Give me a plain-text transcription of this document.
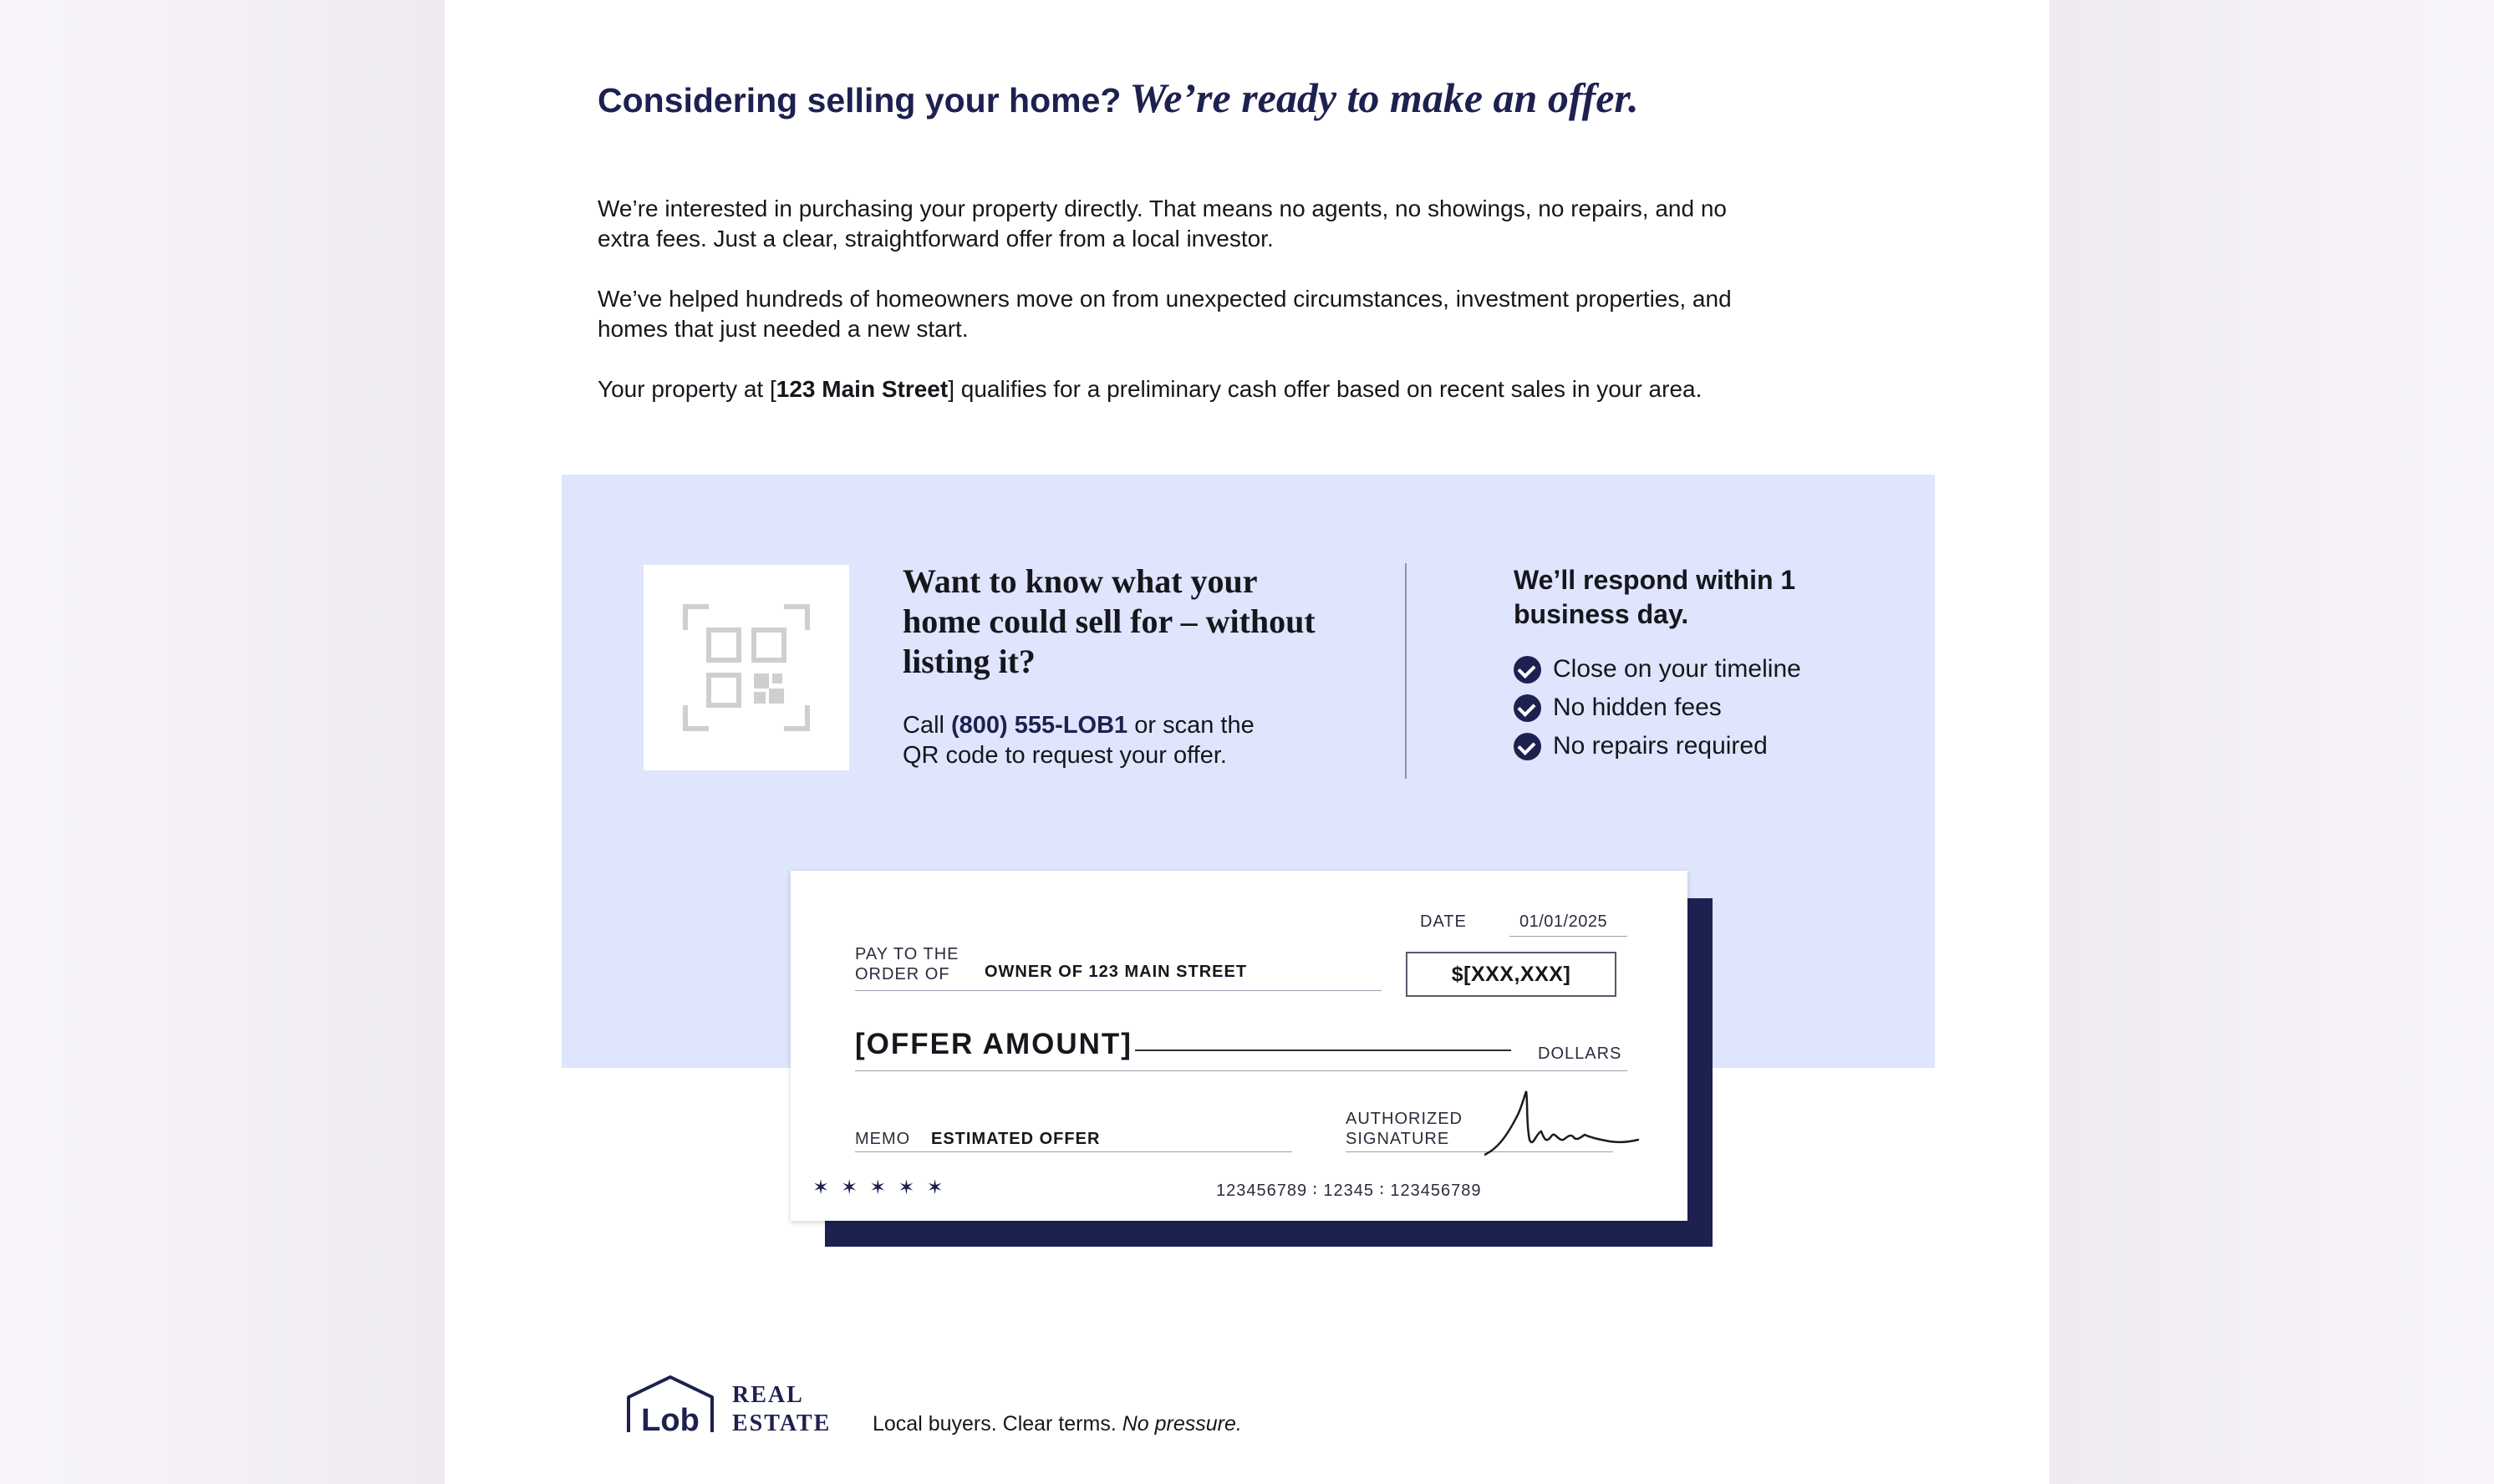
Considering selling your home? We’re ready to make an offer.

We’re interested in purchasing your property directly. That means no agents, no showings, no repairs, and no extra fees. Just a clear, straightforward offer from a local investor.

We’ve helped hundreds of homeowners move on from unexpected circumstances, investment properties, and homes that just needed a new start.

Your property at [123 Main Street] qualifies for a preliminary cash offer based on recent sales in your area.

Want to know what your home could sell for – without listing it?
Call (800) 555-LOB1 or scan the QR code to request your offer.
We’ll respond within 1 business day.
Close on your timeline
No hidden fees
No repairs required
DATE	01/01/2025
PAY TO THE
ORDER OF	OWNER OF 123 MAIN STREET	$[XXX,XXX]
[OFFER AMOUNT]	DOLLARS
MEMO ESTIMATED OFFER
AUTHORIZED
SIGNATURE
✶✶✶✶✶	123456789 ∶ 12345 ∶ 123456789
Lob
REAL
ESTATE Local buyers. Clear terms. No pressure.
